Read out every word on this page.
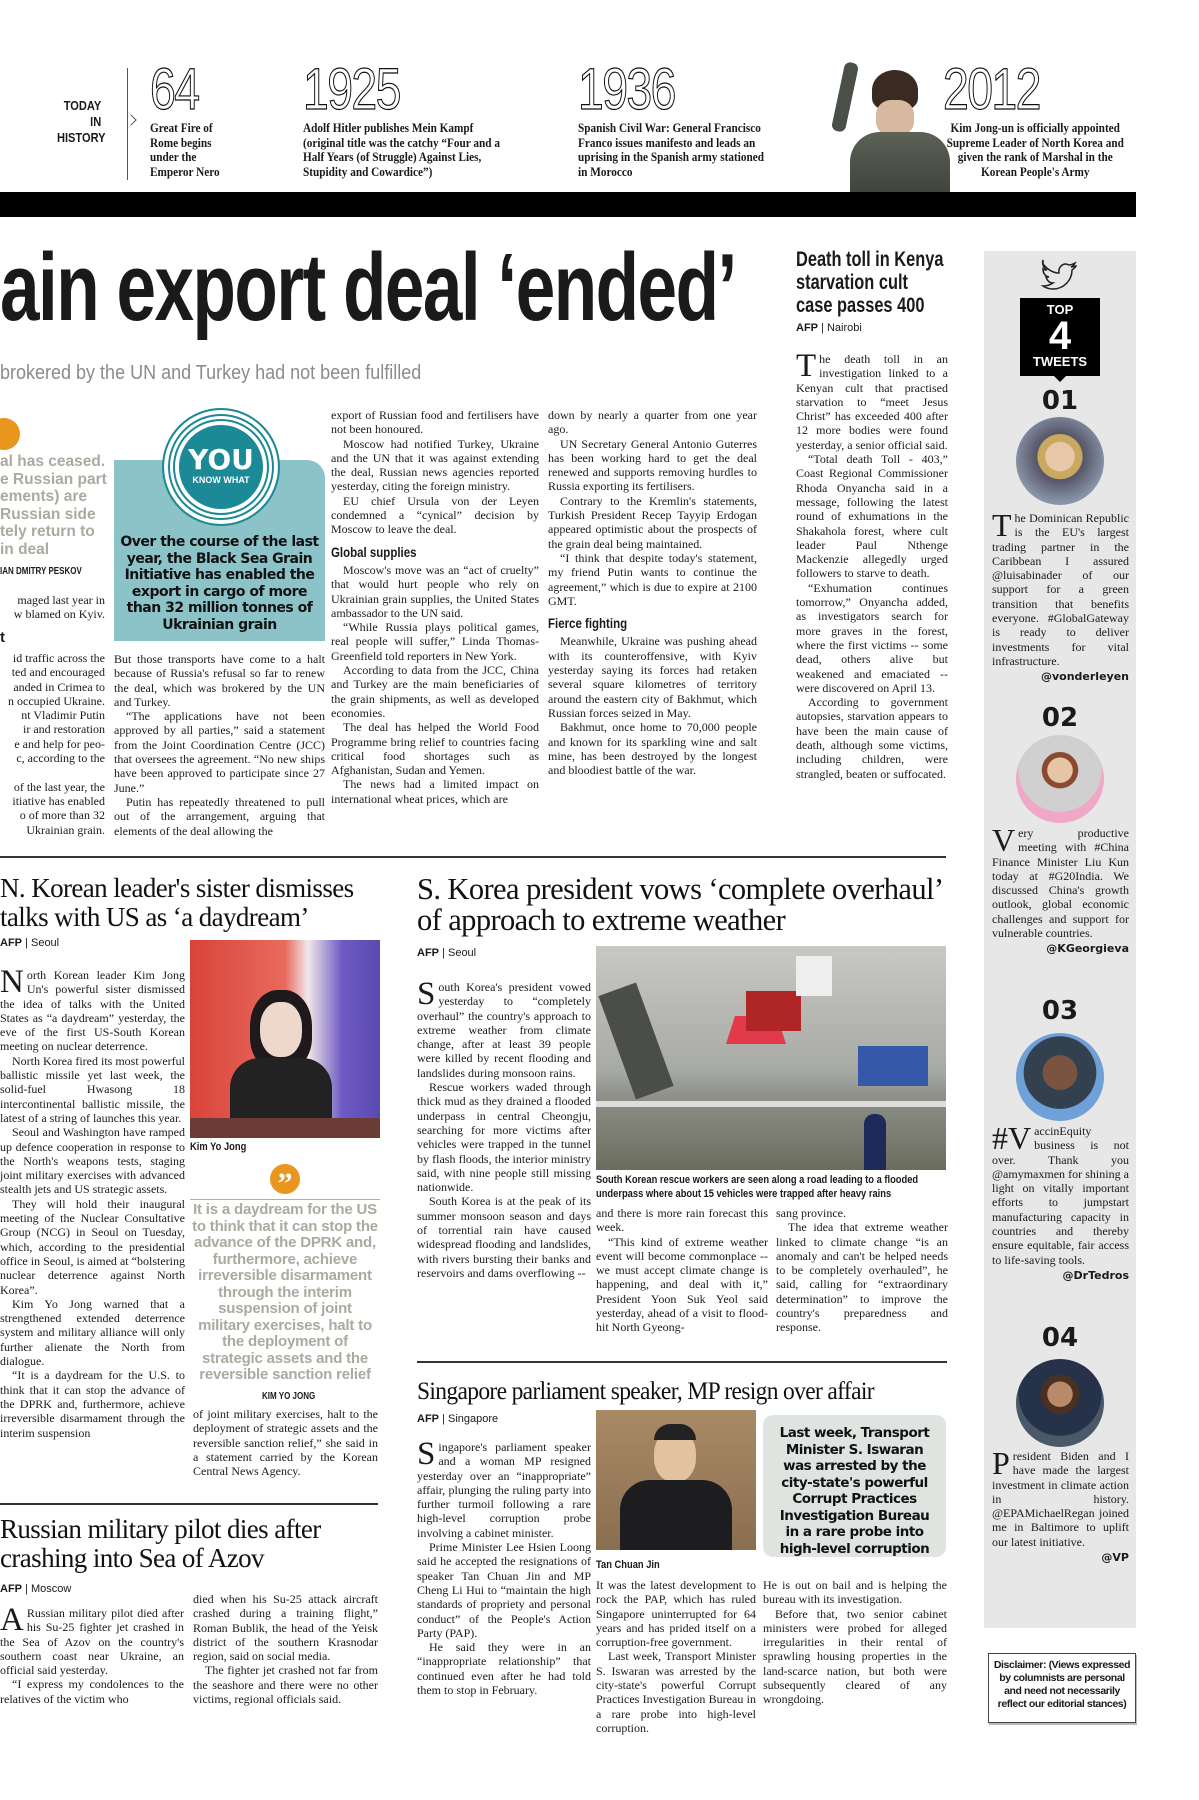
TODAY
IN
HISTORY
64
Great Fire of Rome begins under the Emperor Nero
1925
Adolf Hitler publishes Mein Kampf (original title was the catchy “Four and a Half Years (of Struggle) Against Lies, Stupidity and Cowardice”)
1936
Spanish Civil War: General Francisco Franco issues manifesto and leads an uprising in the Spanish army stationed in Morocco
2012
Kim Jong-un is officially appointed Supreme Leader of North Korea and given the rank of Marshal in the Korean People's Army
ain export deal ‘ended’
brokered by the UN and Turkey had not been fulfilled
al has ceased.
e Russian part
ements) are
Russian side
tely return to
in deal
IAN DMITRY PESKOV
maged last year in
w blamed on Kyiv.
t
id traffic across the
ted and encouraged
anded in Crimea to
n occupied Ukraine.
nt Vladimir Putin
ir and restoration
e and help for peo-
c, according to the
of the last year, the
itiative has enabled
o of more than 32
Ukrainian grain.
YOU
KNOW WHAT
Over the course of the last year, the Black Sea Grain Initiative has enabled the export in cargo of more than 32 million tonnes of Ukrainian grain

But those transports have come to a halt because of Russia's refusal so far to renew the deal, which was brokered by the UN and Turkey.

“The applications have not been approved by all parties,” said a statement from the Joint Coordination Centre (JCC) that oversees the agreement. “No new ships have been approved to participate since 27 June.”

Putin has repeatedly threatened to pull out of the arrangement, arguing that elements of the deal allowing the

export of Russian food and fertilisers have not been honoured.

Moscow had notified Turkey, Ukraine and the UN that it was against extending the deal, Russian news agencies reported yesterday, citing the foreign ministry.

EU chief Ursula von der Leyen condemned a “cynical” decision by Moscow to leave the deal.

Global supplies

Moscow's move was an “act of cruelty” that would hurt people who rely on Ukrainian grain supplies, the United States ambassador to the UN said.

“While Russia plays political games, real people will suffer,” Linda Thomas-Greenfield told reporters in New York.

According to data from the JCC, China and Turkey are the main beneficiaries of the grain shipments, as well as developed economies.

The deal has helped the World Food Programme bring relief to countries facing critical food shortages such as Afghanistan, Sudan and Yemen.

The news had a limited impact on international wheat prices, which are

down by nearly a quarter from one year ago.

UN Secretary General Antonio Guterres has been working hard to get the deal renewed and supports removing hurdles to Russia exporting its fertilisers.

Contrary to the Kremlin's statements, Turkish President Recep Tayyip Erdogan appeared optimistic about the prospects of the grain deal being maintained.

“I think that despite today's statement, my friend Putin wants to continue the agreement,” which is due to expire at 2100 GMT.

Fierce fighting

Meanwhile, Ukraine was pushing ahead with its counteroffensive, with Kyiv yesterday saying its forces had retaken several square kilometres of territory around the eastern city of Bakhmut, which Russian forces seized in May.

Bakhmut, once home to 70,000 people and known for its sparkling wine and salt mine, has been destroyed by the longest and bloodiest battle of the war.

Death toll in Kenya
starvation cult
case passes 400
AFP | Nairobi

The death toll in an investigation linked to a Kenyan cult that practised starvation to “meet Jesus Christ” has exceeded 400 after 12 more bodies were found yesterday, a senior official said.

“Total death Toll - 403,” Coast Regional Commissioner Rhoda Onyancha said in a message, following the latest round of exhumations in the Shakahola forest, where cult leader Paul Nthenge Mackenzie allegedly urged followers to starve to death.

“Exhumation continues tomorrow,” Onyancha added, as investigators search for more graves in the forest, where the first victims -- some dead, others alive but weakened and emaciated -- were discovered on April 13.

According to government autopsies, starvation appears to have been the main cause of death, although some victims, including children, were strangled, beaten or suffocated.

N. Korean leader's sister dismisses talks with US as ‘a daydream’
AFP | Seoul

North Korean leader Kim Jong Un's powerful sister dismissed the idea of talks with the United States as “a daydream” yesterday, the eve of the first US-South Korean meeting on nuclear deterrence.

North Korea fired its most powerful ballistic missile yet last week, the solid-fuel Hwasong 18 intercontinental ballistic missile, the latest of a string of launches this year.

Seoul and Washington have ramped up defence cooperation in response to the North's weapons tests, staging joint military exercises with advanced stealth jets and US strategic assets.

They will hold their inaugural meeting of the Nuclear Consultative Group (NCG) in Seoul on Tuesday, which, according to the presidential office in Seoul, is aimed at “bolstering nuclear deterrence against North Korea”.

Kim Yo Jong warned that a strengthened extended deterrence system and military alliance will only further alienate the North from dialogue.

“It is a daydream for the U.S. to think that it can stop the advance of the DPRK and, furthermore, achieve irreversible disarmament through the interim suspension

Kim Yo Jong
”
It is a daydream for the US to think that it can stop the advance of the DPRK and, furthermore, achieve irreversible disarmament through the interim suspension of joint military exercises, halt to the deployment of strategic assets and the reversible sanction relief
KIM YO JONG

of joint military exercises, halt to the deployment of strategic assets and the reversible sanction relief,” she said in a statement carried by the Korean Central News Agency.

Russian military pilot dies after crashing into Sea of Azov
AFP | Moscow

ARussian military pilot died after his Su-25 fighter jet crashed in the Sea of Azov on the country's southern coast near Ukraine, an official said yesterday.

“I express my condolences to the relatives of the victim who

died when his Su-25 attack aircraft crashed during a training flight,” Roman Bublik, the head of the Yeisk district of the southern Krasnodar region, said on social media.

The fighter jet crashed not far from the seashore and there were no other victims, regional officials said.

S. Korea president vows ‘complete overhaul’ of approach to extreme weather
AFP | Seoul

South Korea's president vowed yesterday to “completely overhaul” the country's approach to extreme weather from climate change, after at least 39 people were killed by recent flooding and landslides during monsoon rains.

Rescue workers waded through thick mud as they drained a flooded underpass in central Cheongju, searching for more victims after vehicles were trapped in the tunnel by flash floods, the interior ministry said, with nine people still missing nationwide.

South Korea is at the peak of its summer monsoon season and days of torrential rain have caused widespread flooding and landslides, with rivers bursting their banks and reservoirs and dams overflowing --

South Korean rescue workers are seen along a road leading to a flooded underpass where about 15 vehicles were trapped after heavy rains

and there is more rain forecast this week.

“This kind of extreme weather event will become commonplace -- we must accept climate change is happening, and deal with it,” President Yoon Suk Yeol said yesterday, ahead of a visit to flood-hit North Gyeong-

sang province.

The idea that extreme weather linked to climate change “is an anomaly and can't be helped needs to be completely overhauled”, he said, calling for “extraordinary determination” to improve the country's preparedness and response.

Singapore parliament speaker, MP resign over affair
AFP | Singapore

Singapore's parliament speaker and a woman MP resigned yesterday over an “inappropriate” affair, plunging the ruling party into further turmoil following a rare high-level corruption probe involving a cabinet minister.

Prime Minister Lee Hsien Loong said he accepted the resignations of speaker Tan Chuan Jin and MP Cheng Li Hui to “maintain the high standards of propriety and personal conduct” of the People's Action Party (PAP).

He said they were in an “inappropriate relationship” that continued even after he had told them to stop in February.

Tan Chuan Jin
Last week, Transport Minister S. Iswaran was arrested by the city-state's powerful Corrupt Practices Investigation Bureau in a rare probe into high-level corruption

It was the latest development to rock the PAP, which has ruled Singapore uninterrupted for 64 years and has prided itself on a corruption-free government.

Last week, Transport Minister S. Iswaran was arrested by the city-state's powerful Corrupt Practices Investigation Bureau in a rare probe into high-level corruption.

He is out on bail and is helping the bureau with its investigation.

Before that, two senior cabinet ministers were probed for alleged irregularities in their rental of sprawling housing properties in the land-scarce nation, but both were subsequently cleared of any wrongdoing.

TOP
4
TWEETS
01

The Dominican Republic is the EU's largest trading partner in the Caribbean I assured @luisabinader of our support for a green transition that benefits everyone. #GlobalGateway is ready to deliver investments for vital infrastructure.

@vonderleyen
02

Very productive meeting with #China Finance Minister Liu Kun today at #G20India. We discussed China's growth outlook, global economic challenges and support for vulnerable countries.

@KGeorgieva
03

#VaccinEquity business is not over. Thank you @amymaxmen for shining a light on vitally important efforts to jumpstart manufacturing capacity in countries and thereby ensure equitable, fair access to life-saving tools.

@DrTedros
04

President Biden and I have made the largest investment in climate action in history. @EPAMichaelRegan joined me in Baltimore to uplift our latest initiative.

@VP
Disclaimer: (Views expressed by columnists are personal and need not necessarily reflect our editorial stances)
